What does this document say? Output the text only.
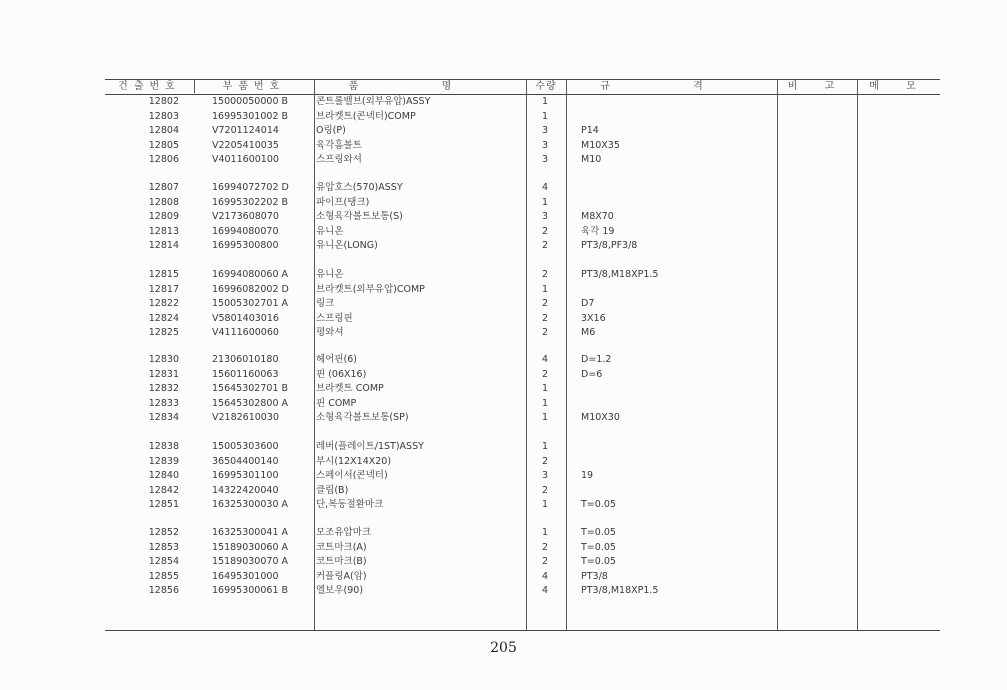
건출번호	부품번호	품 명	수량	규 격	비 고	메 모
12802	15000050000 B	콘트롤밸브(외부유압)ASSY	1
12803	16995301002 B	브라켓트(콘넥터)COMP	1
12804	V7201124014	O링(P)	3	P14
12805	V2205410035	육각홈볼트	3	M10X35
12806	V4011600100	스프링와셔	3	M10
12807	16994072702 D	유압호스(570)ASSY	4
12808	16995302202 B	파이프(탱크)	1
12809	V2173608070	소형육각볼트보통(S)	3	M8X70
12813	16994080070	유니온	2	육각 19
12814	16995300800	유니온(LONG)	2	PT3/8,PF3/8
12815	16994080060 A	유니온	2	PT3/8,M18XP1.5
12817	16996082002 D	브라켓트(외부유압)COMP	1
12822	15005302701 A	링크	2	D7
12824	V5801403016	스프링핀	2	3X16
12825	V4111600060	평와셔	2	M6
12830	21306010180	헤어핀(6)	4	D=1.2
12831	15601160063	핀 (06X16)	2	D=6
12832	15645302701 B	브라켓트 COMP	1
12833	15645302800 A	핀 COMP	1
12834	V2182610030	소형육각볼트보통(SP)	1	M10X30
12838	15005303600	레버(플레이트/1ST)ASSY	1
12839	36504400140	부시(12X14X20)	2
12840	16995301100	스페이서(콘넥터)	3	19
12842	14322420040	클립(B)	2
12851	16325300030 A	단,복동절환마크	1	T=0.05
12852	16325300041 A	모조유압마크	1	T=0.05
12853	15189030060 A	코트마크(A)	2	T=0.05
12854	15189030070 A	코트마크(B)	2	T=0.05
12855	16495301000	커플링A(암)	4	PT3/8
12856	16995300061 B	엘보우(90)	4	PT3/8,M18XP1.5
205
